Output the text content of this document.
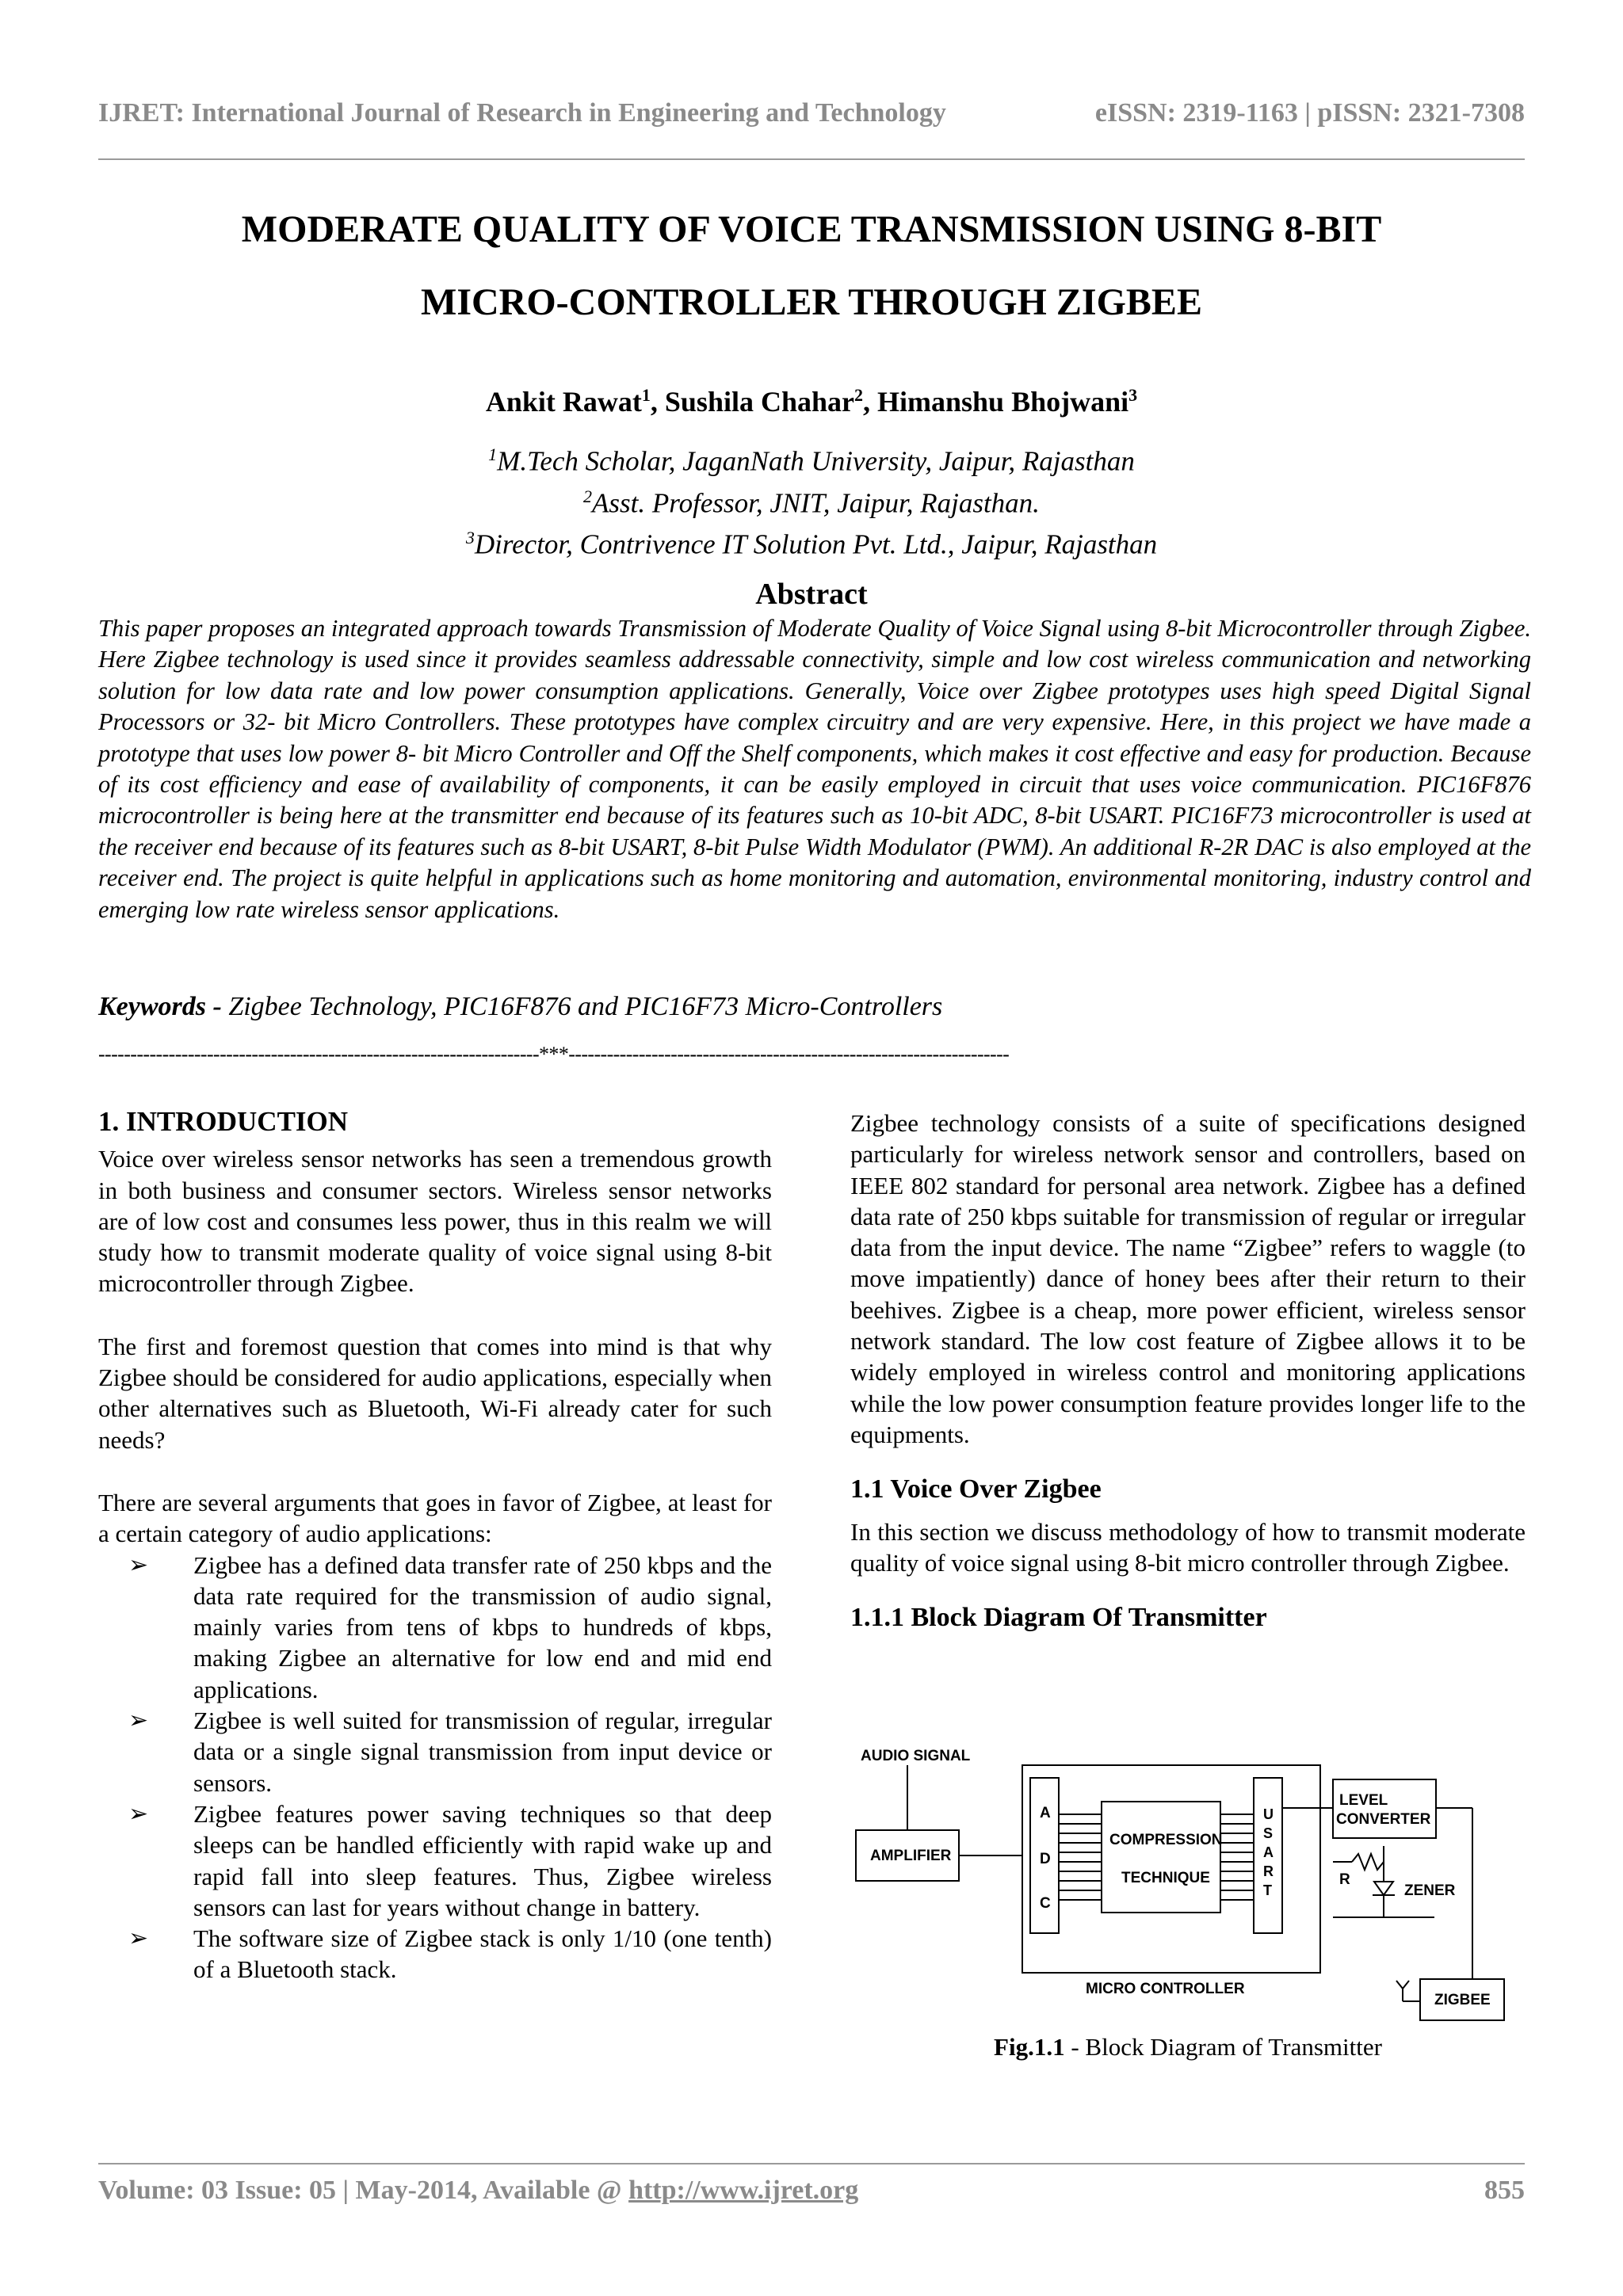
IJRET: International Journal of Research in Engineering and Technology	eISSN: 2319-1163 | pISSN: 2321-7308
MODERATE QUALITY OF VOICE TRANSMISSION USING 8-BIT
MICRO-CONTROLLER THROUGH ZIGBEE
Ankit Rawat$^1$, Sushila Chahar$^2$, Himanshu Bhojwani$^3$
$^1$M.Tech Scholar, JaganNath University, Jaipur, Rajasthan
$^2$Asst. Professor, JNIT, Jaipur, Rajasthan.
$^3$Director, Contrivence IT Solution Pvt. Ltd., Jaipur, Rajasthan
Abstract
This paper proposes an integrated approach towards Transmission of Moderate Quality of Voice Signal using 8-bit Microcontroller through Zigbee. Here Zigbee technology is used since it provides seamless addressable connectivity, simple and low cost wireless communication and networking solution for low data rate and low power consumption applications. Generally, Voice over Zigbee prototypes uses high speed Digital Signal Processors or 32- bit Micro Controllers. These prototypes have complex circuitry and are very expensive. Here, in this project we have made a prototype that uses low power 8- bit Micro Controller and Off the Shelf components, which makes it cost effective and easy for production. Because of its cost efficiency and ease of availability of components, it can be easily employed in circuit that uses voice communication. PIC16F876 microcontroller is being here at the transmitter end because of its features such as 10-bit ADC, 8-bit USART. PIC16F73 microcontroller is used at the receiver end because of its features such as 8-bit USART, 8-bit Pulse Width Modulator (PWM). An additional R-2R DAC is also employed at the receiver end. The project is quite helpful in applications such as home monitoring and automation, environmental monitoring, industry control and emerging low rate wireless sensor applications.
Keywords - Zigbee Technology, PIC16F876 and PIC16F73 Micro-Controllers
---------------------------------------------------------------------***---------------------------------------------------------------------
1. INTRODUCTION
Voice over wireless sensor networks has seen a tremendous growth in both business and consumer sectors. Wireless sensor networks are of low cost and consumes less power, thus in this realm we will study how to transmit moderate quality of voice signal using 8-bit microcontroller through Zigbee.
The first and foremost question that comes into mind is that why Zigbee should be considered for audio applications, especially when other alternatives such as Bluetooth, Wi-Fi already cater for such needs?
There are several arguments that goes in favor of Zigbee, at least for a certain category of audio applications:
➢ Zigbee has a defined data transfer rate of 250 kbps and the data rate required for the transmission of audio signal, mainly varies from tens of kbps to hundreds of kbps, making Zigbee an alternative for low end and mid end applications.
➢ Zigbee is well suited for transmission of regular, irregular data or a single signal transmission from input device or sensors.
➢ Zigbee features power saving techniques so that deep sleeps can be handled efficiently with rapid wake up and rapid fall into sleep features. Thus, Zigbee wireless sensors can last for years without change in battery.
➢ The software size of Zigbee stack is only 1/10 (one tenth) of a Bluetooth stack.
Zigbee technology consists of a suite of specifications designed particularly for wireless network sensor and controllers, based on IEEE 802 standard for personal area network. Zigbee has a defined data rate of 250 kbps suitable for transmission of regular or irregular data from the input device. The name “Zigbee” refers to waggle (to move impatiently) dance of honey bees after their return to their beehives. Zigbee is a cheap, more power efficient, wireless sensor network standard. The low cost feature of Zigbee allows it to be widely employed in wireless control and monitoring applications while the low power consumption feature provides longer life to the equipments.
1.1 Voice Over Zigbee
In this section we discuss methodology of how to transmit moderate quality of voice signal using 8-bit micro controller through Zigbee.
1.1.1 Block Diagram Of Transmitter
AUDIO SIGNAL
AMPLIFIER
A
D
C
COMPRESSION
TECHNIQUE
U
S
A
R
T
LEVEL
CONVERTER
R
ZENER
MICRO CONTROLLER
ZIGBEE
Fig.1.1 - Block Diagram of Transmitter
Volume: 03 Issue: 05 | May-2014, Available @ http://www.ijret.org	855
